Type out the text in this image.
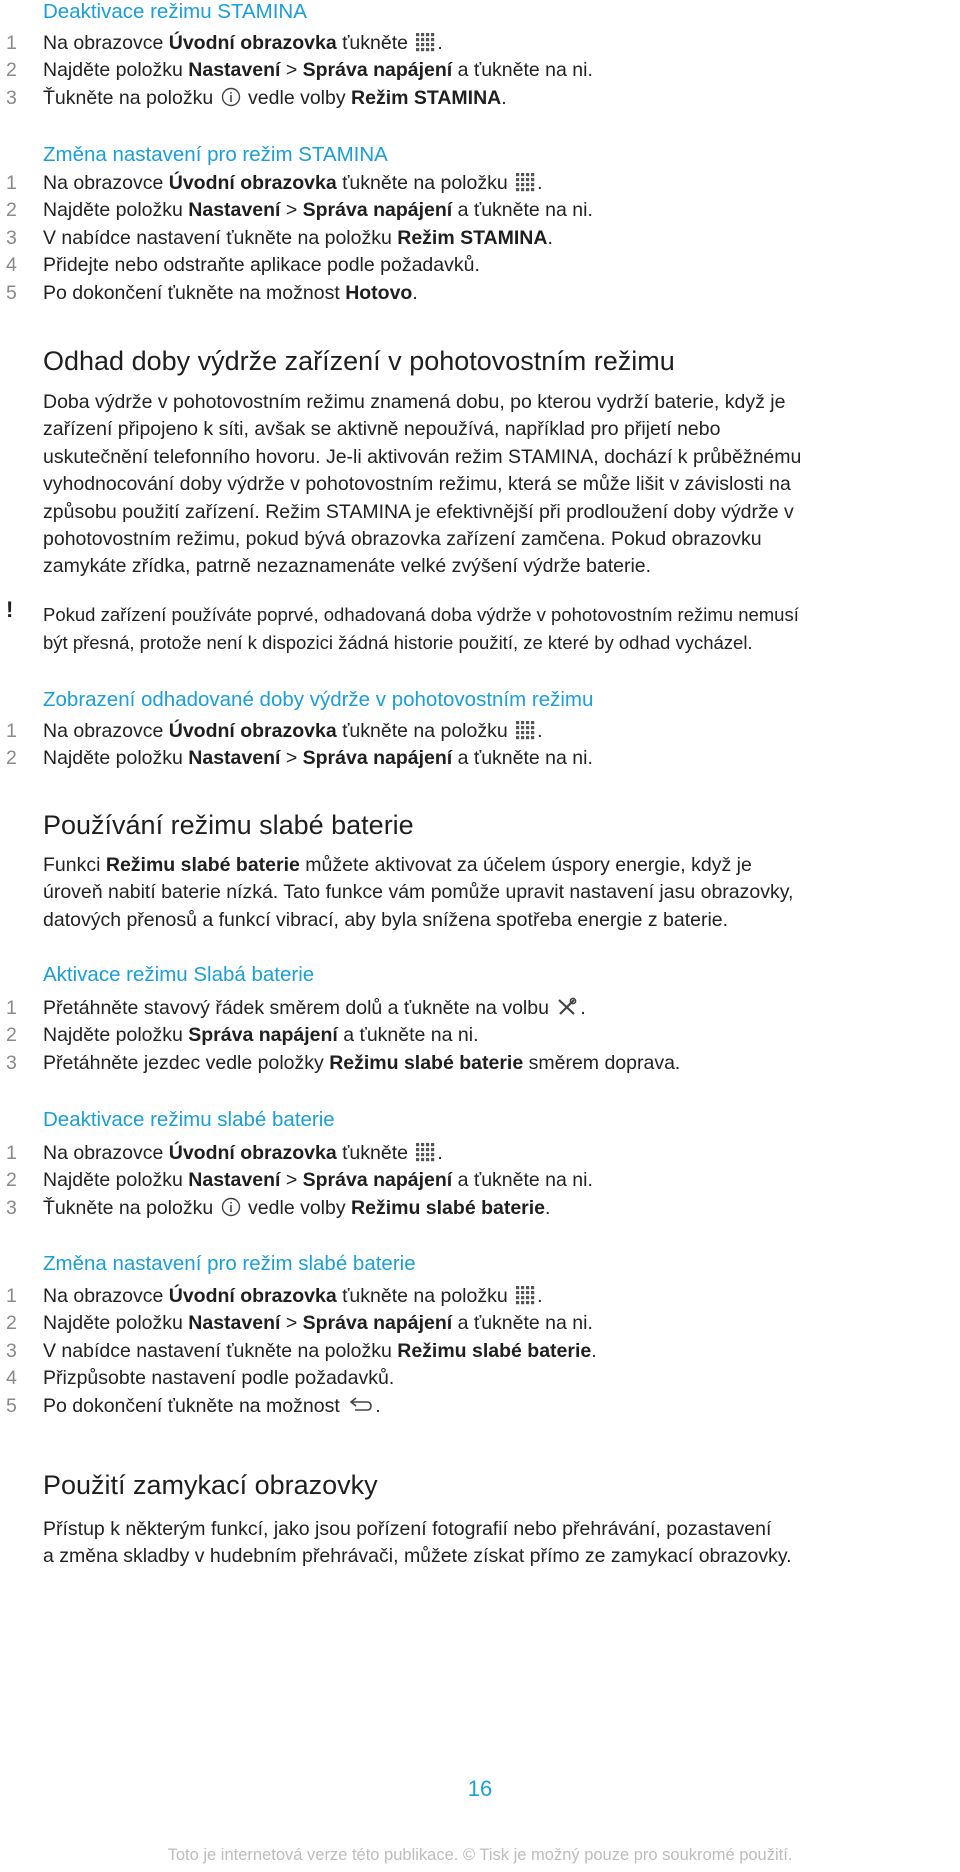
Deaktivace režimu STAMINA
1 Na obrazovce Úvodní obrazovka ťukněte .
2 Najděte položku Nastavení > Správa napájení a ťukněte na ni.
3 Ťukněte na položku  vedle volby Režim STAMINA.
Změna nastavení pro režim STAMINA
1 Na obrazovce Úvodní obrazovka ťukněte na položku .
2 Najděte položku Nastavení > Správa napájení a ťukněte na ni.
3 V nabídce nastavení ťukněte na položku Režim STAMINA.
4 Přidejte nebo odstraňte aplikace podle požadavků.
5 Po dokončení ťukněte na možnost Hotovo.
Odhad doby výdrže zařízení v pohotovostním režimu
Doba výdrže v pohotovostním režimu znamená dobu, po kterou vydrží baterie, když je
zařízení připojeno k síti, avšak se aktivně nepoužívá, například pro přijetí nebo
uskutečnění telefonního hovoru. Je-li aktivován režim STAMINA, dochází k průběžnému
vyhodnocování doby výdrže v pohotovostním režimu, která se může lišit v závislosti na
způsobu použití zařízení. Režim STAMINA je efektivnější při prodloužení doby výdrže v
pohotovostním režimu, pokud bývá obrazovka zařízení zamčena. Pokud obrazovku
zamykáte zřídka, patrně nezaznamenáte velké zvýšení výdrže baterie.
! Pokud zařízení používáte poprvé, odhadovaná doba výdrže v pohotovostním režimu nemusí
být přesná, protože není k dispozici žádná historie použití, ze které by odhad vycházel.
Zobrazení odhadované doby výdrže v pohotovostním režimu
1 Na obrazovce Úvodní obrazovka ťukněte na položku .
2 Najděte položku Nastavení > Správa napájení a ťukněte na ni.
Používání režimu slabé baterie
Funkci Režimu slabé baterie můžete aktivovat za účelem úspory energie, když je
úroveň nabití baterie nízká. Tato funkce vám pomůže upravit nastavení jasu obrazovky,
datových přenosů a funkcí vibrací, aby byla snížena spotřeba energie z baterie.
Aktivace režimu Slabá baterie
1 Přetáhněte stavový řádek směrem dolů a ťukněte na volbu .
2 Najděte položku Správa napájení a ťukněte na ni.
3 Přetáhněte jezdec vedle položky Režimu slabé baterie směrem doprava.
Deaktivace režimu slabé baterie
1 Na obrazovce Úvodní obrazovka ťukněte .
2 Najděte položku Nastavení > Správa napájení a ťukněte na ni.
3 Ťukněte na položku  vedle volby Režimu slabé baterie.
Změna nastavení pro režim slabé baterie
1 Na obrazovce Úvodní obrazovka ťukněte na položku .
2 Najděte položku Nastavení > Správa napájení a ťukněte na ni.
3 V nabídce nastavení ťukněte na položku Režimu slabé baterie.
4 Přizpůsobte nastavení podle požadavků.
5 Po dokončení ťukněte na možnost .
Použití zamykací obrazovky
Přístup k některým funkcí, jako jsou pořízení fotografií nebo přehrávání, pozastavení
a změna skladby v hudebním přehrávači, můžete získat přímo ze zamykací obrazovky.
16
Toto je internetová verze této publikace. © Tisk je možný pouze pro soukromé použití.
